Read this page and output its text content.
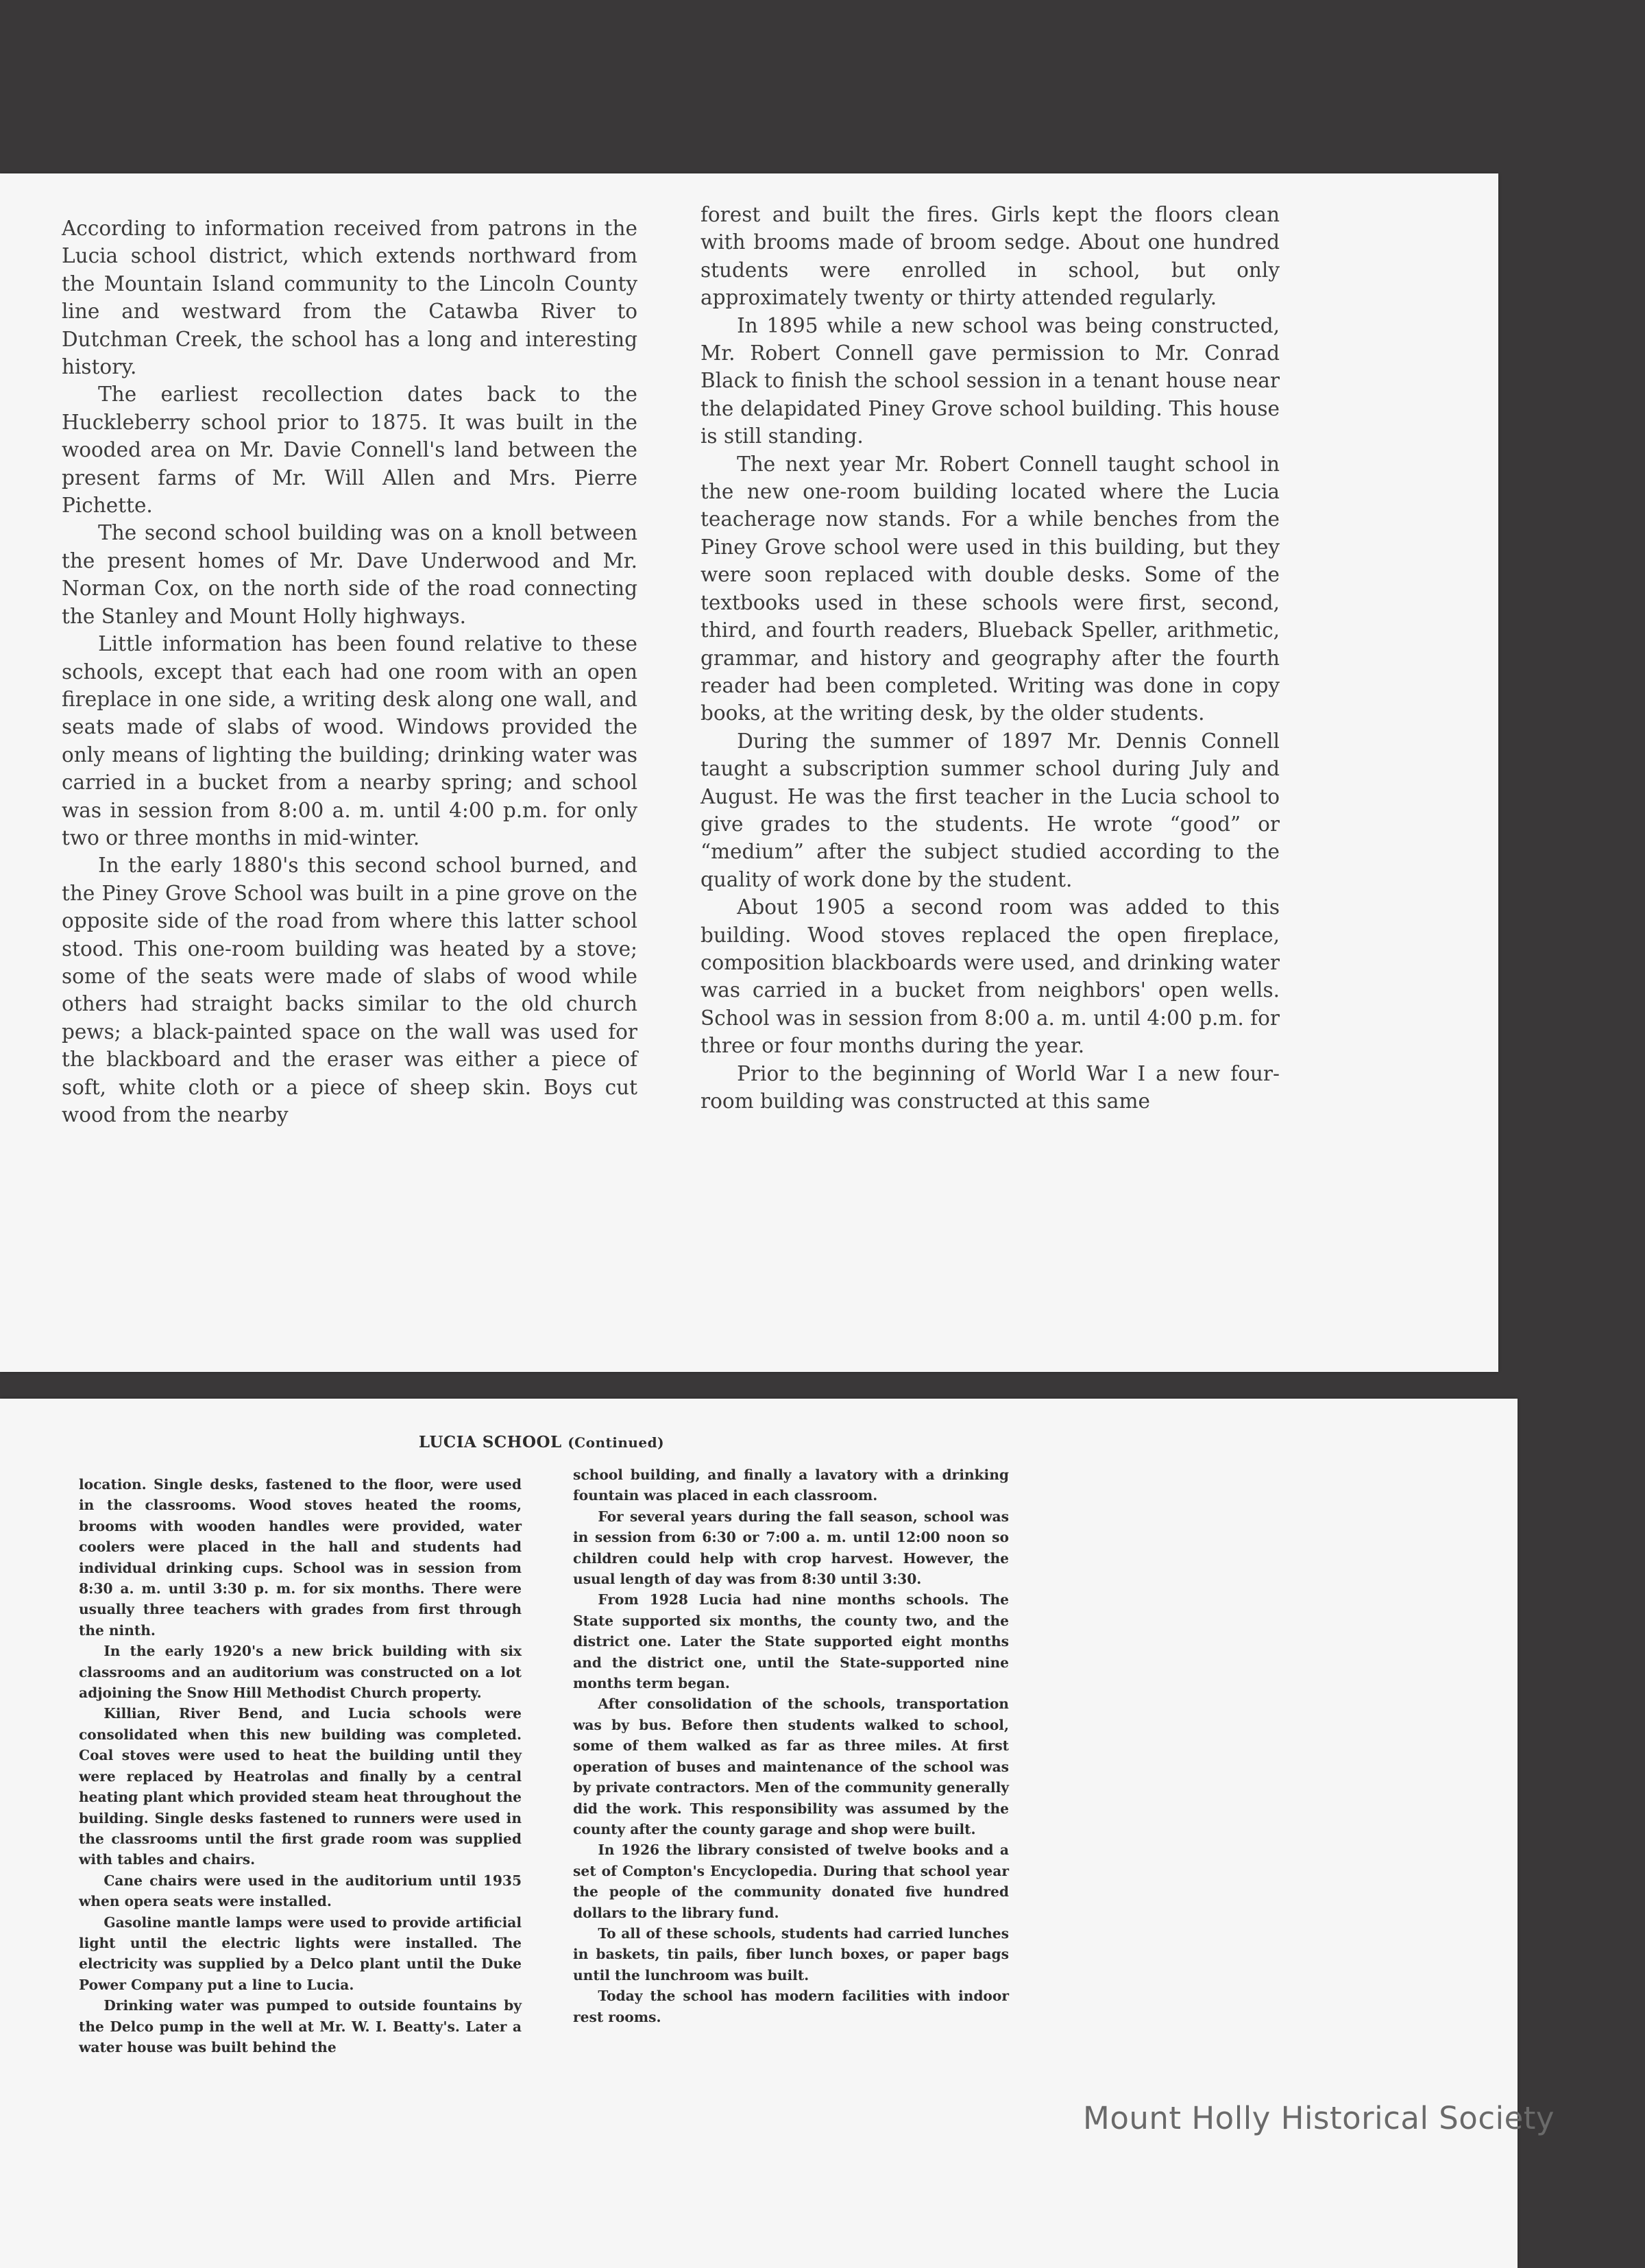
According to information received from patrons in the Lucia school district, which extends northward from the Mountain Island community to the Lincoln County line and westward from the Catawba River to Dutchman Creek, the school has a long and interesting history.

The earliest recollection dates back to the Huckleberry school prior to 1875. It was built in the wooded area on Mr. Davie Connell's land between the present farms of Mr. Will Allen and Mrs. Pierre Pichette.

The second school building was on a knoll between the present homes of Mr. Dave Underwood and Mr. Norman Cox, on the north side of the road connecting the Stanley and Mount Holly highways.

Little information has been found relative to these schools, except that each had one room with an open fireplace in one side, a writing desk along one wall, and seats made of slabs of wood. Windows provided the only means of lighting the building; drinking water was carried in a bucket from a nearby spring; and school was in session from 8:00 a. m. until 4:00 p.m. for only two or three months in mid-winter.

In the early 1880's this second school burned, and the Piney Grove School was built in a pine grove on the opposite side of the road from where this latter school stood. This one-room building was heated by a stove; some of the seats were made of slabs of wood while others had straight backs similar to the old church pews; a black-painted space on the wall was used for the blackboard and the eraser was either a piece of soft, white cloth or a piece of sheep skin. Boys cut wood from the nearby

forest and built the fires. Girls kept the floors clean with brooms made of broom sedge. About one hundred students were enrolled in school, but only approximately twenty or thirty attended regularly.

In 1895 while a new school was being constructed, Mr. Robert Connell gave permission to Mr. Conrad Black to finish the school session in a tenant house near the delapidated Piney Grove school building. This house is still standing.

The next year Mr. Robert Connell taught school in the new one-room building located where the Lucia teacherage now stands. For a while benches from the Piney Grove school were used in this building, but they were soon replaced with double desks. Some of the textbooks used in these schools were first, second, third, and fourth readers, Blueback Speller, arithmetic, grammar, and history and geography after the fourth reader had been completed. Writing was done in copy books, at the writing desk, by the older students.

During the summer of 1897 Mr. Dennis Connell taught a subscription summer school during July and August. He was the first teacher in the Lucia school to give grades to the students. He wrote “good” or “medium” after the subject studied according to the quality of work done by the student.

About 1905 a second room was added to this building. Wood stoves replaced the open fireplace, composition blackboards were used, and drinking water was carried in a bucket from neighbors' open wells. School was in session from 8:00 a. m. until 4:00 p.m. for three or four months during the year.

Prior to the beginning of World War I a new four-room building was constructed at this same

LUCIA SCHOOL (Continued)

location. Single desks, fastened to the floor, were used in the classrooms. Wood stoves heated the rooms, brooms with wooden handles were provided, water coolers were placed in the hall and students had individual drinking cups. School was in session from 8:30 a. m. until 3:30 p. m. for six months. There were usually three teachers with grades from first through the ninth.

In the early 1920's a new brick building with six classrooms and an auditorium was constructed on a lot adjoining the Snow Hill Methodist Church property.

Killian, River Bend, and Lucia schools were consolidated when this new building was completed. Coal stoves were used to heat the building until they were replaced by Heatrolas and finally by a central heating plant which provided steam heat throughout the building. Single desks fastened to runners were used in the classrooms until the first grade room was supplied with tables and chairs.

Cane chairs were used in the auditorium until 1935 when opera seats were installed.

Gasoline mantle lamps were used to provide artificial light until the electric lights were installed. The electricity was supplied by a Delco plant until the Duke Power Company put a line to Lucia.

Drinking water was pumped to outside fountains by the Delco pump in the well at Mr. W. I. Beatty's. Later a water house was built behind the

school building, and finally a lavatory with a drinking fountain was placed in each classroom.

For several years during the fall season, school was in session from 6:30 or 7:00 a. m. until 12:00 noon so children could help with crop harvest. However, the usual length of day was from 8:30 until 3:30.

From 1928 Lucia had nine months schools. The State supported six months, the county two, and the district one. Later the State supported eight months and the district one, until the State-supported nine months term began.

After consolidation of the schools, transportation was by bus. Before then students walked to school, some of them walked as far as three miles. At first operation of buses and maintenance of the school was by private contractors. Men of the community generally did the work. This responsibility was assumed by the county after the county garage and shop were built.

In 1926 the library consisted of twelve books and a set of Compton's Encyclopedia. During that school year the people of the community donated five hundred dollars to the library fund.

To all of these schools, students had carried lunches in baskets, tin pails, fiber lunch boxes, or paper bags until the lunchroom was built.

Today the school has modern facilities with indoor rest rooms.

Mount Holly Historical Society
